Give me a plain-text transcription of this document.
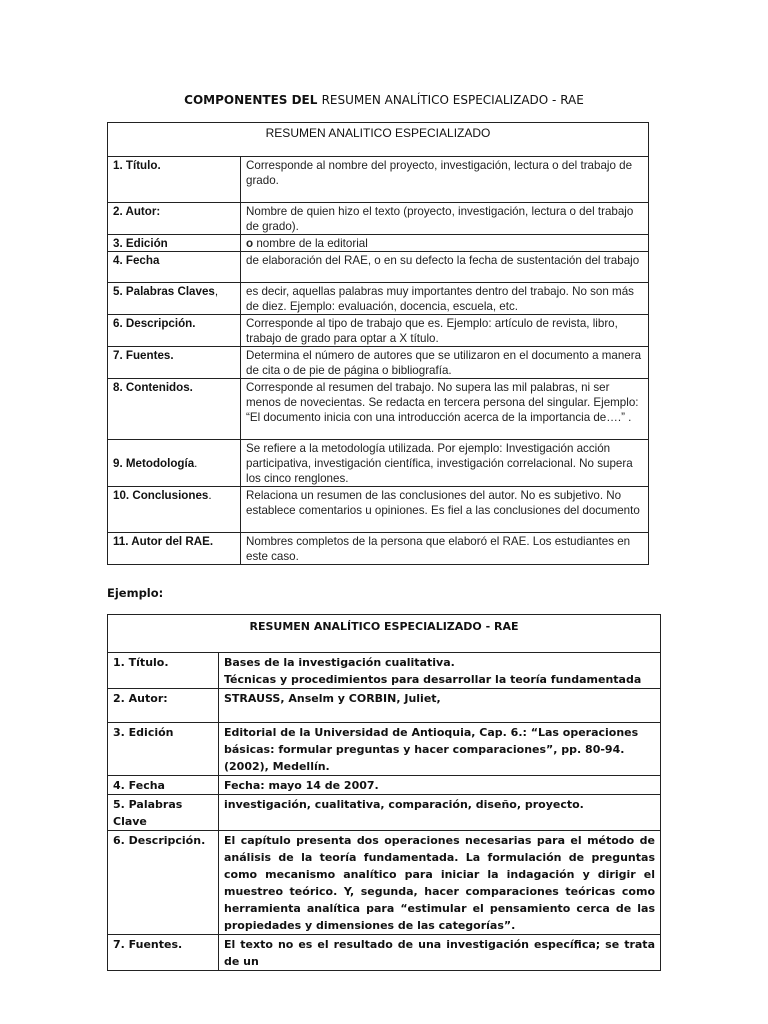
COMPONENTES DEL RESUMEN ANALÍTICO ESPECIALIZADO - RAE
RESUMEN ANALITICO ESPECIALIZADO	
1. Título.	Corresponde al nombre del proyecto, investigación, lectura o del trabajo de grado.
2. Autor:	Nombre de quien hizo el texto (proyecto, investigación, lectura o del trabajo de grado).
3. Edición	o nombre de la editorial
4. Fecha	de elaboración del RAE, o en su defecto la fecha de sustentación del trabajo
5. Palabras Claves,	es decir, aquellas palabras muy importantes dentro del trabajo. No son más de diez. Ejemplo: evaluación, docencia, escuela, etc.
6. Descripción.	Corresponde al tipo de trabajo que es. Ejemplo: artículo de revista, libro, trabajo de grado para optar a X título.
7. Fuentes.	Determina el número de autores que se utilizaron en el documento a manera de cita o de pie de página o bibliografía.
8. Contenidos.	Corresponde al resumen del trabajo. No supera las mil palabras, ni ser menos de novecientas. Se redacta en tercera persona del singular. Ejemplo: “El documento inicia con una introducción acerca de la importancia de….” .
9. Metodología.	Se refiere a la metodología utilizada. Por ejemplo: Investigación acción participativa, investigación científica, investigación correlacional. No supera los cinco renglones.
10. Conclusiones.	Relaciona un resumen de las conclusiones del autor. No es subjetivo. No establece comentarios u opiniones. Es fiel a las conclusiones del documento
11. Autor del RAE.	Nombres completos de la persona que elaboró el RAE. Los estudiantes en este caso.
Ejemplo:
RESUMEN ANALÍTICO ESPECIALIZADO - RAE	
1. Título.	Bases de la investigación cualitativa.
Técnicas y procedimientos para desarrollar la teoría fundamentada
2. Autor:	STRAUSS, Anselm y CORBIN, Juliet,
3. Edición	Editorial de la Universidad de Antioquia, Cap. 6.: “Las operaciones básicas: formular preguntas y hacer comparaciones”, pp. 80-94.(2002), Medellín.
4. Fecha	Fecha: mayo 14 de 2007.
5. Palabras Clave	investigación, cualitativa, comparación, diseño, proyecto.
6. Descripción.	El capítulo presenta dos operaciones necesarias para el método de análisis de la teoría fundamentada. La formulación de preguntas como mecanismo analítico para iniciar la indagación y dirigir el muestreo teórico. Y, segunda, hacer comparaciones teóricas como herramienta analítica para “estimular el pensamiento cerca de las propiedades y dimensiones de las categorías”.
7. Fuentes.	El texto no es el resultado de una investigación específica; se trata de un
